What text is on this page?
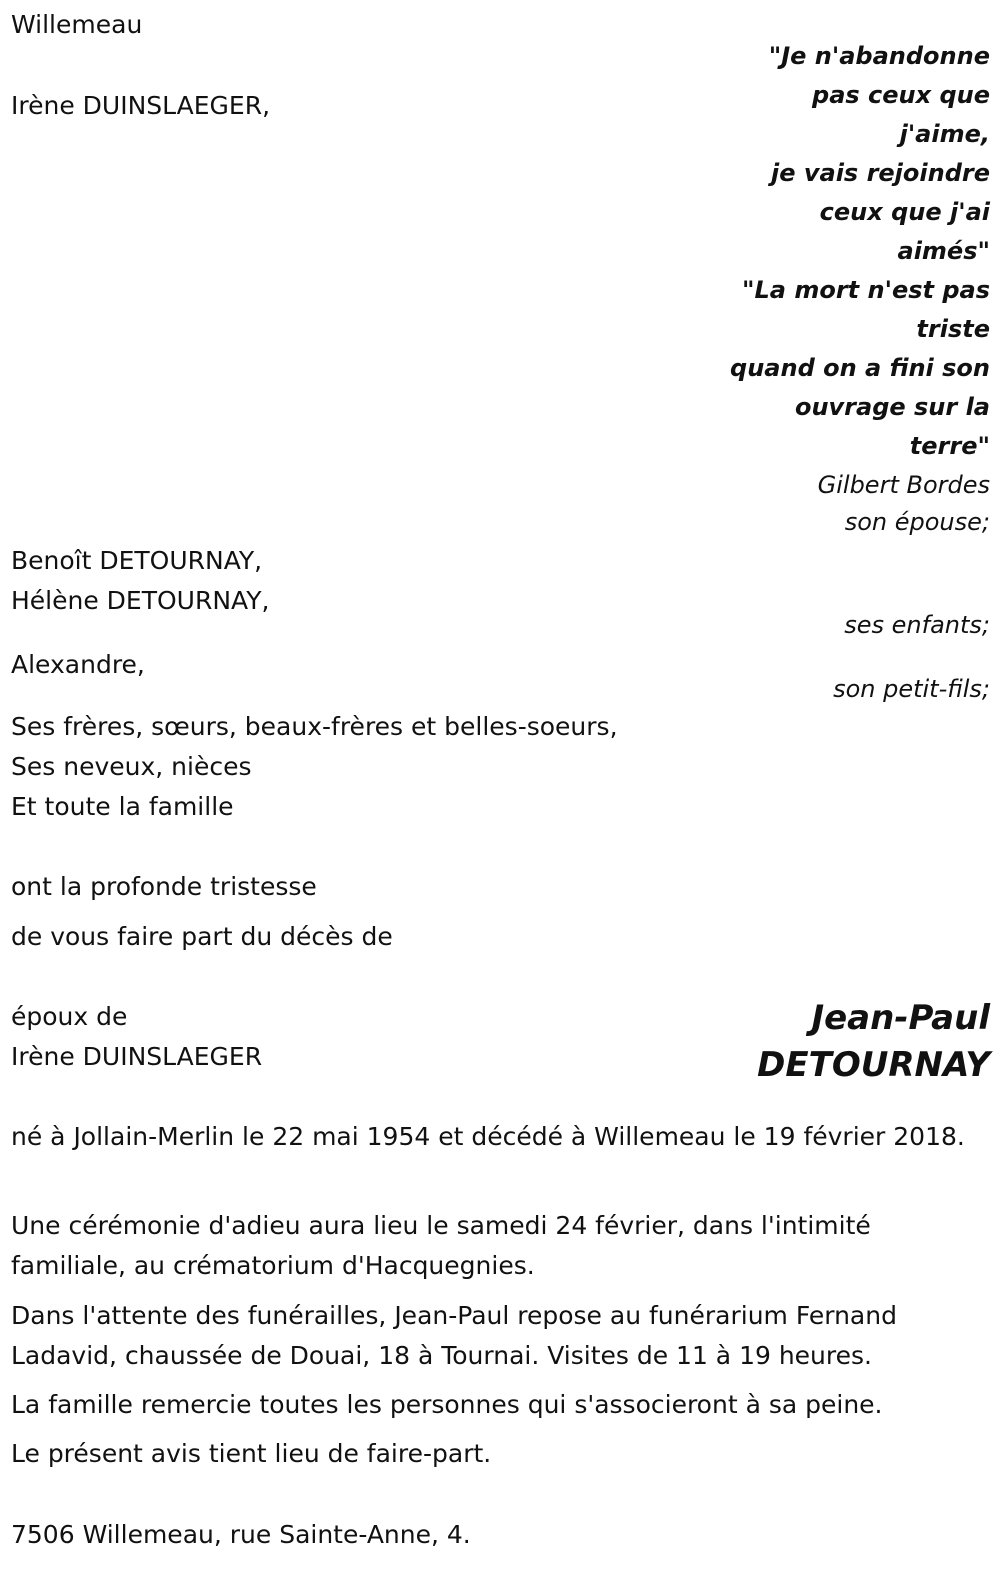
Willemeau
Irène DUINSLAEGER,

"Je n'abandonne

pas ceux que

j'aime,

je vais rejoindre

ceux que j'ai

aimés"

"La mort n'est pas

triste

quand on a fini son

ouvrage sur la

terre"

Gilbert Bordes
son épouse;
Benoît DETOURNAY,
Hélène DETOURNAY,
ses enfants;
Alexandre,
son petit-fils;
Ses frères, sœurs, beaux-frères et belles-soeurs,
Ses neveux, nièces
Et toute la famille
ont la profonde tristesse
de vous faire part du décès de
époux de
Irène DUINSLAEGER
Jean-Paul
DETOURNAY
né à Jollain-Merlin le 22 mai 1954 et décédé à Willemeau le 19 février 2018.
Une cérémonie d'adieu aura lieu le samedi 24 février, dans l'intimité familiale, au crématorium d'Hacquegnies.
Dans l'attente des funérailles, Jean-Paul repose au funérarium Fernand Ladavid, chaussée de Douai, 18 à Tournai. Visites de 11 à 19 heures.
La famille remercie toutes les personnes qui s'associeront à sa peine.
Le présent avis tient lieu de faire-part.
7506 Willemeau, rue Sainte-Anne, 4.
